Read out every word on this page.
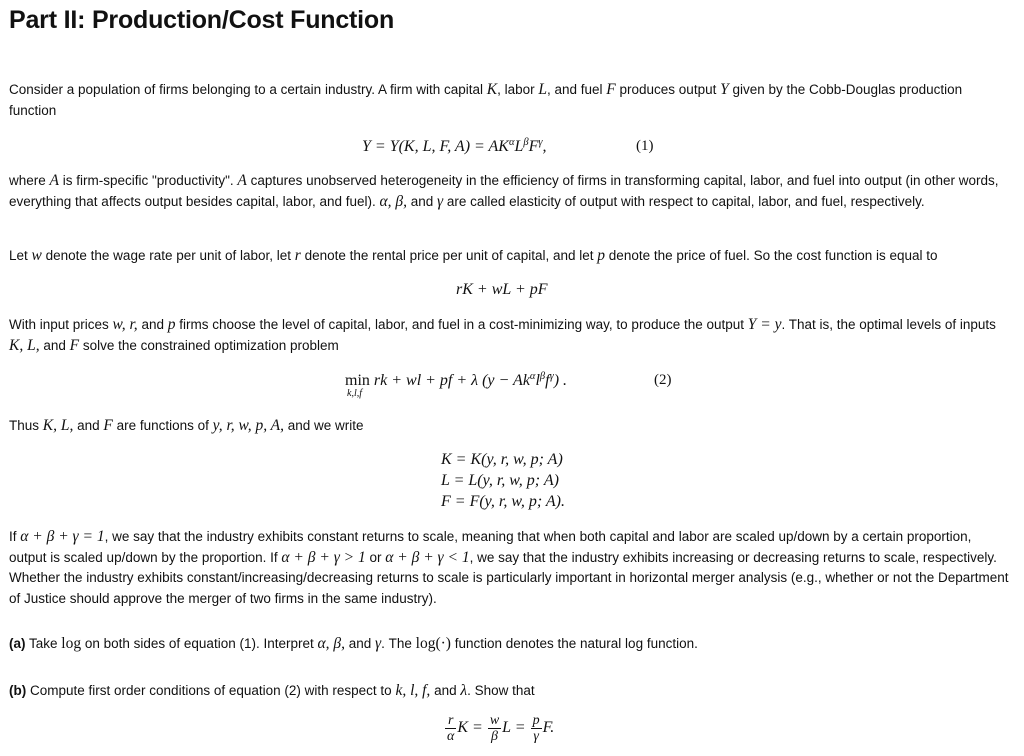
Part II: Production/Cost Function

Consider a population of firms belonging to a certain industry. A firm with capital K, labor L, and fuel F produces output Y given by the Cobb-Douglas production function

Y = Y(K, L, F, $A) = AK^\alpha L^\beta F^\gamma$,	(1)

where A is firm-specific "productivity". A captures unobserved heterogeneity in the efficiency of firms in transforming capital, labor, and fuel into output (in other words, everything that affects output besides capital, labor, and fuel). α, β, and γ are called elasticity of output with respect to capital, labor, and fuel, respectively.

Let w denote the wage rate per unit of labor, let r denote the rental price per unit of capital, and let p denote the price of fuel. So the cost function is equal to

rK + wL + pF

With input prices w, r, and p firms choose the level of capital, labor, and fuel in a cost-minimizing way, to produce the output Y = y. That is, the optimal levels of inputs K, L, and F solve the constrained optimization problem

min
k,l,f
rk + wl + pf + λ $(y - Ak^\alpha l^\beta f^\gamma)$ .	(2)

Thus K, L, and F are functions of y, r, w, p, A, and we write

K = K(y, r, w, p; A)
L = L(y, r, w, p; A)
F = F(y, r, w, p; A).

If α + β + γ = 1, we say that the industry exhibits constant returns to scale, meaning that when both capital and labor are scaled up/down by a certain proportion, output is scaled up/down by the proportion. If α + β + γ > 1 or α + β + γ < 1, we say that the industry exhibits increasing or decreasing returns to scale, respectively. Whether the industry exhibits constant/increasing/decreasing returns to scale is particularly important in horizontal merger analysis (e.g., whether or not the Department of Justice should approve the merger of two firms in the same industry).

(a) Take log on both sides of equation (1). Interpret α, β, and γ. The log(·) function denotes the natural log function.

(b) Compute first order conditions of equation (2) with respect to k, l, f, and λ. Show that

$\frac{r}{\alpha}$ $K = \frac{w}{\beta}$ $L = \frac{p}{\gamma} F$.
